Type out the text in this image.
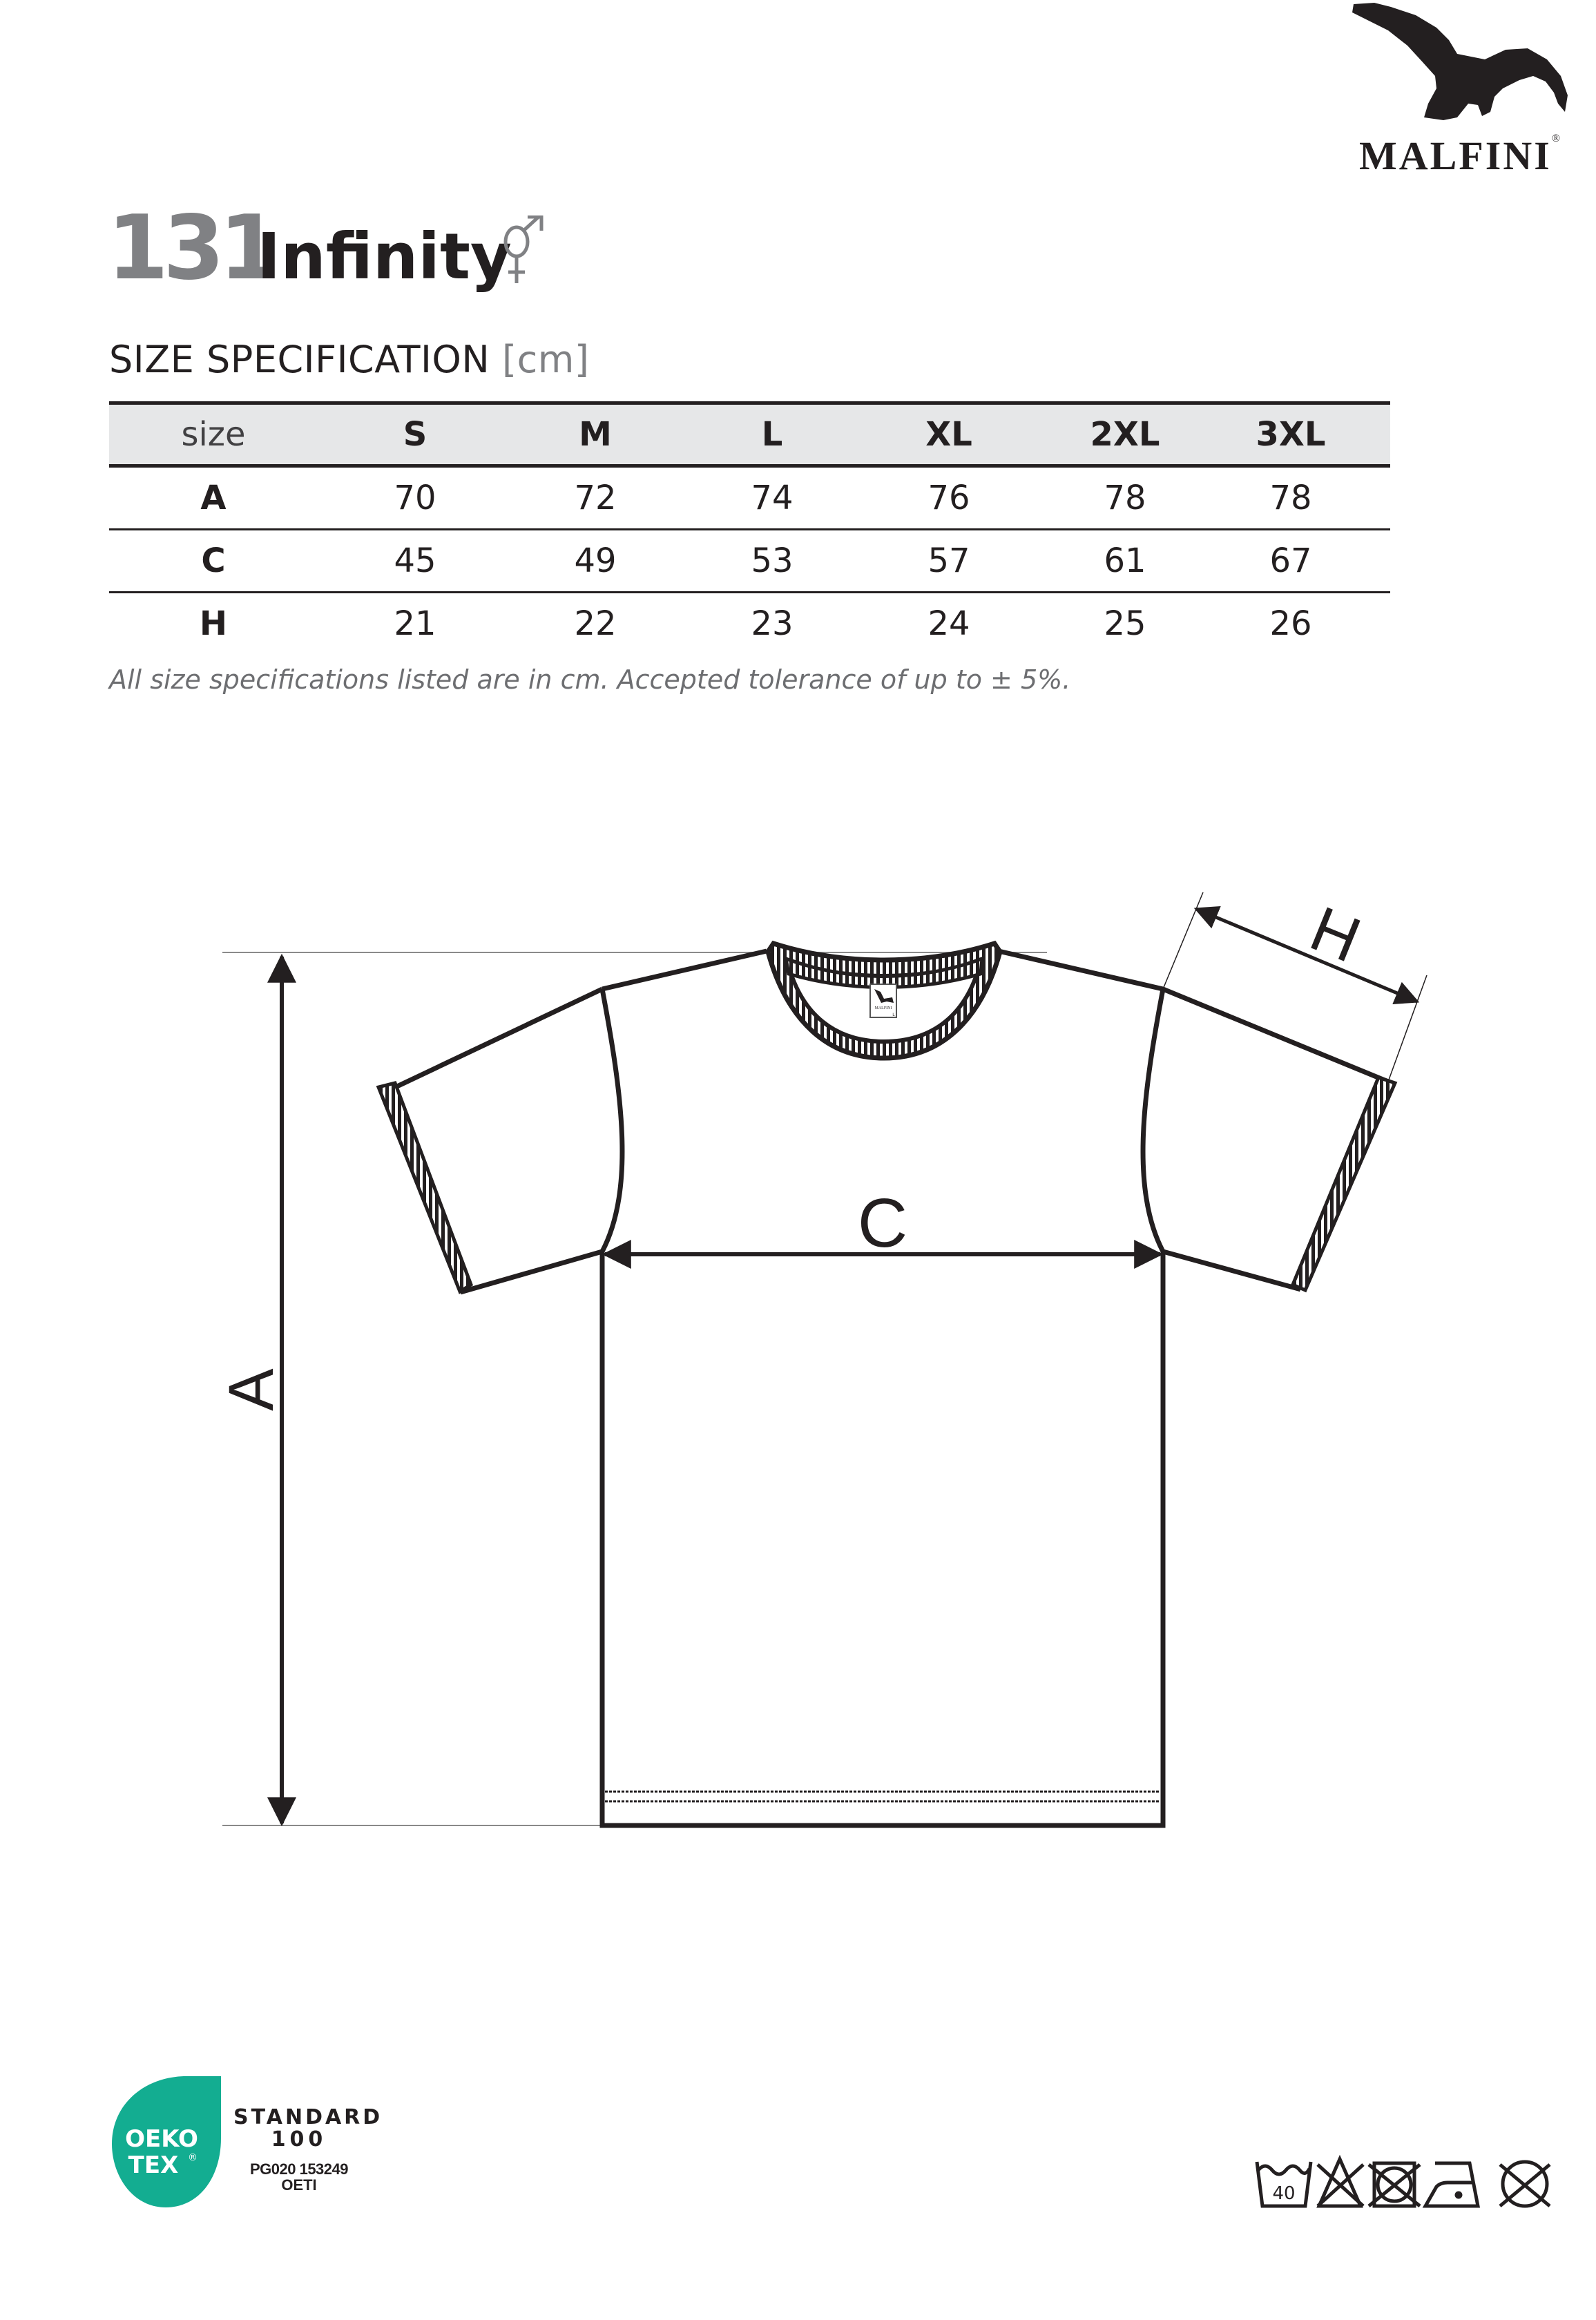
MALFINI®
131
Infinity
SIZE SPECIFICATION [cm]
size	S	M	L	XL	2XL	3XL
A	70	72	74	76	78	78
C	45	49	53	57	61	67
H	21	22	23	24	25	26
All size specifications listed are in cm. Accepted tolerance of up to ± 5%.
A
MALFINI
L
C
H
OEKO
TEX ®
STANDARD
100
PG020 153249
OETI	40
